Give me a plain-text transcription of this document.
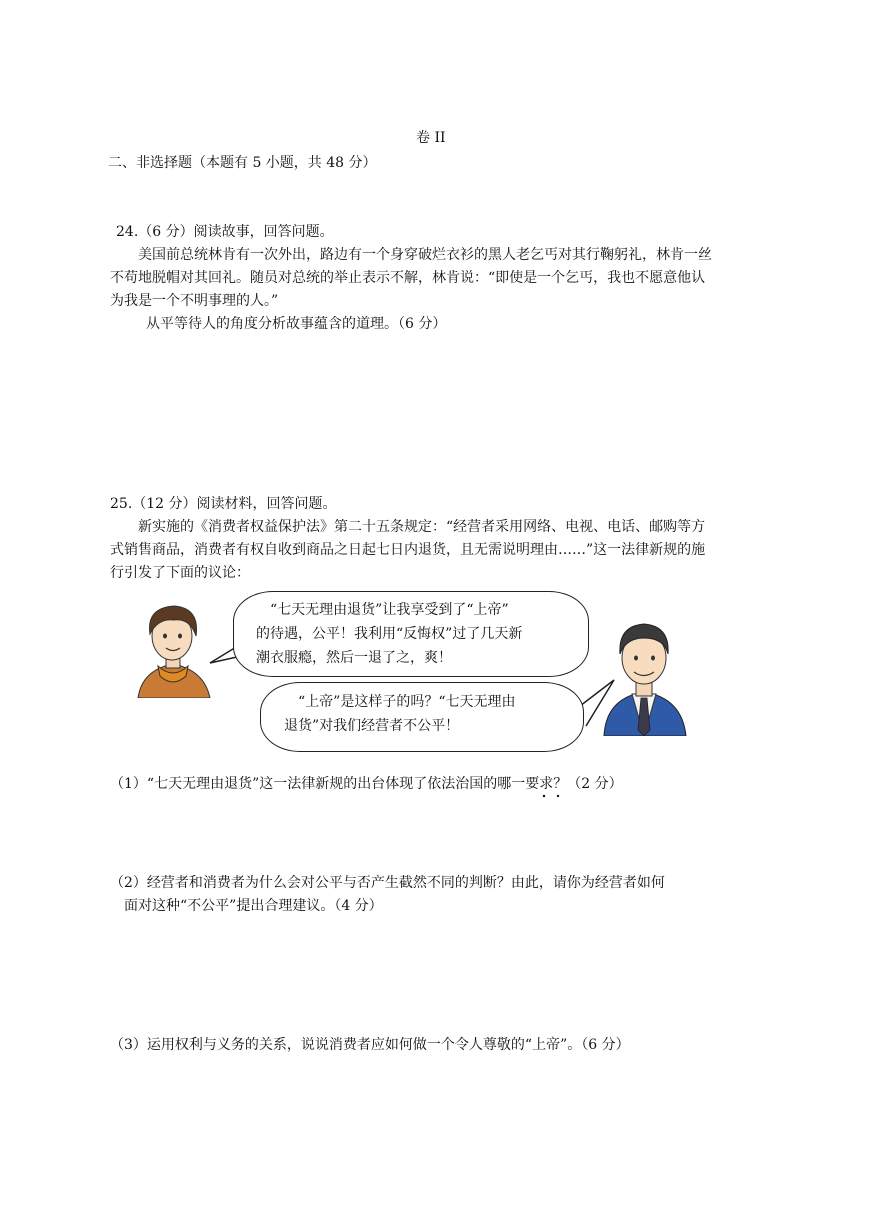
卷 II
二、非选择题（本题有 5 小题，共 48 分）
24.（6 分）阅读故事，回答问题。
美国前总统林肯有一次外出，路边有一个身穿破烂衣衫的黑人老乞丐对其行鞠躬礼，林肯一丝
不苟地脱帽对其回礼。随员对总统的举止表示不解，林肯说：“即使是一个乞丐，我也不愿意他认
为我是一个不明事理的人。”
从平等待人的角度分析故事蕴含的道理。（6 分）
25.（12 分）阅读材料，回答问题。
新实施的《消费者权益保护法》第二十五条规定：“经营者采用网络、电视、电话、邮购等方
式销售商品，消费者有权自收到商品之日起七日内退货，且无需说明理由……”这一法律新规的施
行引发了下面的议论：
“七天无理由退货”让我享受到了“上帝”
的待遇，公平！我利用“反悔权”过了几天新
潮衣服瘾，然后一退了之，爽！
“上帝”是这样子的吗？“七天无理由
退货”对我们经营者不公平！
（1）“七天无理由退货”这一法律新规的出台体现了依法治国的哪一要求？（2 分）
（2）经营者和消费者为什么会对公平与否产生截然不同的判断？由此，请你为经营者如何
面对这种“不公平”提出合理建议。（4 分）
（3）运用权利与义务的关系，说说消费者应如何做一个令人尊敬的“上帝”。（6 分）
